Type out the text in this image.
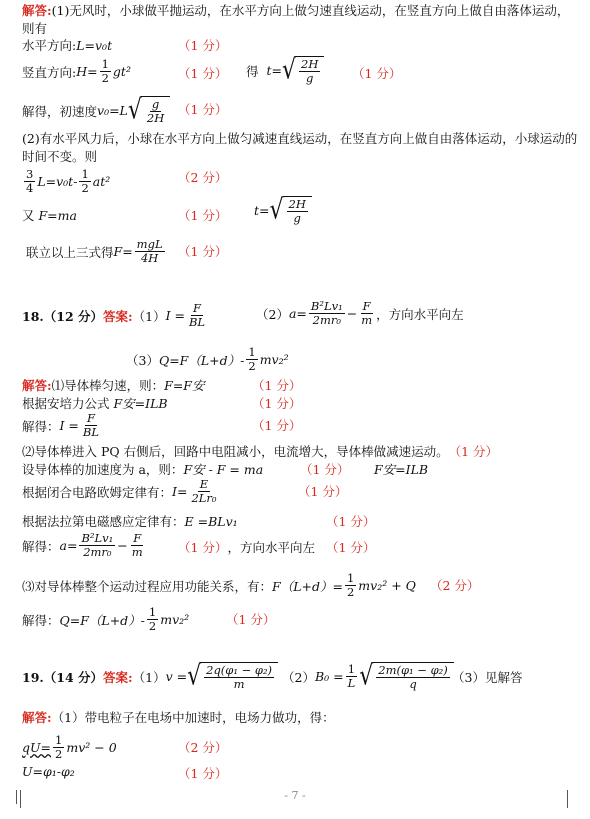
解答:(1)无风时，小球做平抛运动，在水平方向上做匀速直线运动，在竖直方向上做自由落体运动，则有
水平方向: L=v₀t	（1 分）
竖直方向: $H= \frac{1}{2} gt^2$	（1 分） 得
t= √ $\frac{2H}{g}$	（1 分）
解得，初速度 v₀=L √ $\frac{g}{2H} (1$ 分）
(2)有水平风力后，小球在水平方向上做匀减速直线运动，在竖直方向上做自由落体运动，小球运动的时间不变。则
$\frac{3}{4} L=v_0t- \frac{1}{2} at^2$	（2 分）
又
F=ma	（1 分） t= √ $\frac{2H}{g}$
联立以上三式得 $F= \frac{\text{mgL}}{4H} (1$ 分）
18.（12 分） 答案: （1） $I = \frac{F}{BL}$	（2） $a= \frac{\text{B²Lv₁}}{\text{2mr₀}} - \frac{F}{m}$ ，方向水平向左
（3） $Q=F(L+d)- \frac{1}{2} mv_2^2$
解答: ⑴导体棒匀速，则： F=F安	（1 分）
根据安培力公式
F安=ILB	（1 分）
解得： $I = \frac{F}{BL}$	（1 分）
⑵导体棒进入 PQ 右侧后，回路中电阻减小，电流增大，导体棒做减速运动。 （1 分）
设导体棒的加速度为 a，则： F安 - F = ma	（1 分） F安=ILB
根据闭合电路欧姆定律有： $I= \frac{E}{\text{2Lr₀}}$	（1 分）
根据法拉第电磁感应定律有： E =BLv₁	（1 分）
解得： $a= \frac{\text{B²Lv₁}}{\text{2mr₀}} - \frac{F}{m}$	（1 分） ，方向水平向左 （1 分）
⑶对导体棒整个运动过程应用功能关系，有： $F(L+d)= \frac{1}{2} mv_2^2 + Q$ （2 分）
解得： $Q=F(L+d)- \frac{1}{2} mv_2^2$	（1 分）
19.（14 分） 答案: （1） v = √ $\frac{\text{2q(φ₁ − φ₂)}}{m} (2) B_0 = \frac{1}{L}$ √ $\frac{\text{2m(φ₁ − φ₂)}}{q} (3)$见解答
解答: （1）带电粒子在电场中加速时，电场力做功，得：
$qU= \frac{1}{2} mv^2 - 0$	（2 分）
U=φ₁-φ₂	（1 分）
- 7 -
